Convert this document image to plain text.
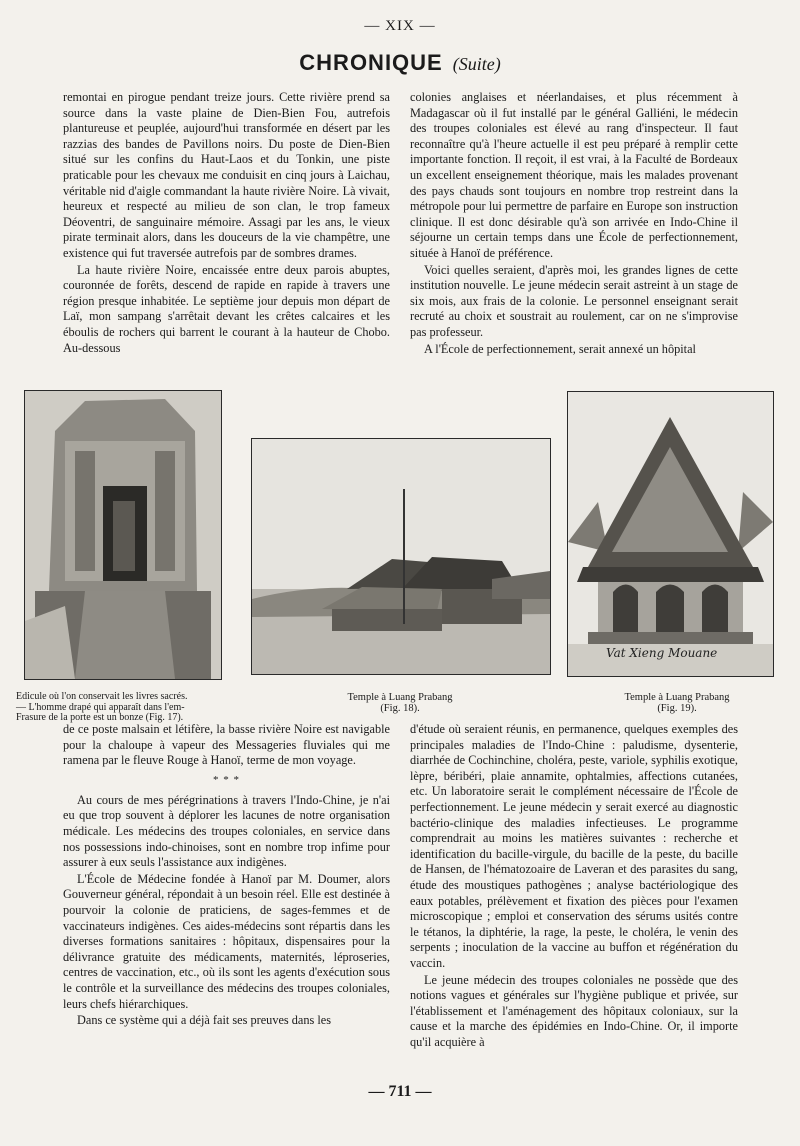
— XIX —
CHRONIQUE (Suite)

remontai en pirogue pendant treize jours. Cette rivière prend sa source dans la vaste plaine de Dien-Bien Fou, autrefois plantureuse et peuplée, aujourd'hui transformée en désert par les razzias des bandes de Pavillons noirs. Du poste de Dien-Bien situé sur les confins du Haut-Laos et du Tonkin, une piste praticable pour les chevaux me conduisit en cinq jours à Laichau, véritable nid d'aigle commandant la haute rivière Noire. Là vivait, heureux et respecté au milieu de son clan, le trop fameux Déoventri, de sanguinaire mémoire. Assagi par les ans, le vieux pirate terminait alors, dans les douceurs de la vie champêtre, une existence qui fut traversée autrefois par de sombres drames.

La haute rivière Noire, encaissée entre deux parois abuptes, couronnée de forêts, descend de rapide en rapide à travers une région presque inhabitée. Le septième jour depuis mon départ de Laï, mon sampang s'arrêtait devant les crêtes calcaires et les éboulis de rochers qui barrent le courant à la hauteur de Chobo. Au-dessous

colonies anglaises et néerlandaises, et plus récemment à Madagascar où il fut installé par le général Galliéni, le médecin des troupes coloniales est élevé au rang d'inspecteur. Il faut reconnaître qu'à l'heure actuelle il est peu préparé à remplir cette importante fonction. Il reçoit, il est vrai, à la Faculté de Bordeaux un excellent enseignement théorique, mais les malades provenant des pays chauds sont toujours en nombre trop restreint dans la métropole pour lui permettre de parfaire en Europe son instruction clinique. Il est donc désirable qu'à son arrivée en Indo-Chine il séjourne un certain temps dans une École de perfectionnement, située à Hanoï de préférence.

Voici quelles seraient, d'après moi, les grandes lignes de cette institution nouvelle. Le jeune médecin serait astreint à un stage de six mois, aux frais de la colonie. Le personnel enseignant serait recruté au choix et soustrait au roulement, car on ne s'improvise pas professeur.

A l'École de perfectionnement, serait annexé un hôpital

Vat Xieng Mouane
Edicule où l'on conservait les livres sacrés.
— L'homme drapé qui apparaît dans l'em-
Frasure de la porte est un bonze (Fig. 17).
Temple à Luang Prabang
(Fig. 18).
Temple à Luang Prabang
(Fig. 19).

de ce poste malsain et létifère, la basse rivière Noire est navigable pour la chaloupe à vapeur des Messageries fluviales qui me ramena par le fleuve Rouge à Hanoï, terme de mon voyage.

* * *

Au cours de mes pérégrinations à travers l'Indo-Chine, je n'ai eu que trop souvent à déplorer les lacunes de notre organisation médicale. Les médecins des troupes coloniales, en service dans nos possessions indo-chinoises, sont en nombre trop infime pour assurer à eux seuls l'assistance aux indigènes.

L'École de Médecine fondée à Hanoï par M. Doumer, alors Gouverneur général, répondait à un besoin réel. Elle est destinée à pourvoir la colonie de praticiens, de sages-femmes et de vaccinateurs indigènes. Ces aides-médecins sont répartis dans les diverses formations sanitaires : hôpitaux, dispensaires pour la délivrance gratuite des médicaments, maternités, léproseries, centres de vaccination, etc., où ils sont les agents d'exécution sous le contrôle et la surveillance des médecins des troupes coloniales, leurs chefs hiérarchiques.

Dans ce système qui a déjà fait ses preuves dans les

d'étude où seraient réunis, en permanence, quelques exemples des principales maladies de l'Indo-Chine : paludisme, dysenterie, diarrhée de Cochinchine, choléra, peste, variole, syphilis exotique, lèpre, béribéri, plaie annamite, ophtalmies, affections cutanées, etc. Un laboratoire serait le complément nécessaire de l'École de perfectionnement. Le jeune médecin y serait exercé au diagnostic bactério-clinique des maladies infectieuses. Le programme comprendrait au moins les matières suivantes : recherche et identification du bacille-virgule, du bacille de la peste, du bacille de Hansen, de l'hématozoaire de Laveran et des parasites du sang, étude des moustiques pathogènes ; analyse bactériologique des eaux potables, prélèvement et fixation des pièces pour l'examen microscopique ; emploi et conservation des sérums usités contre le tétanos, la diphtérie, la rage, la peste, le choléra, le venin des serpents ; inoculation de la vaccine au buffon et régénération du vaccin.

Le jeune médecin des troupes coloniales ne possède que des notions vagues et générales sur l'hygiène publique et privée, sur l'établissement et l'aménagement des hôpitaux coloniaux, sur la cause et la marche des épidémies en Indo-Chine. Or, il importe qu'il acquière à

— 711 —
